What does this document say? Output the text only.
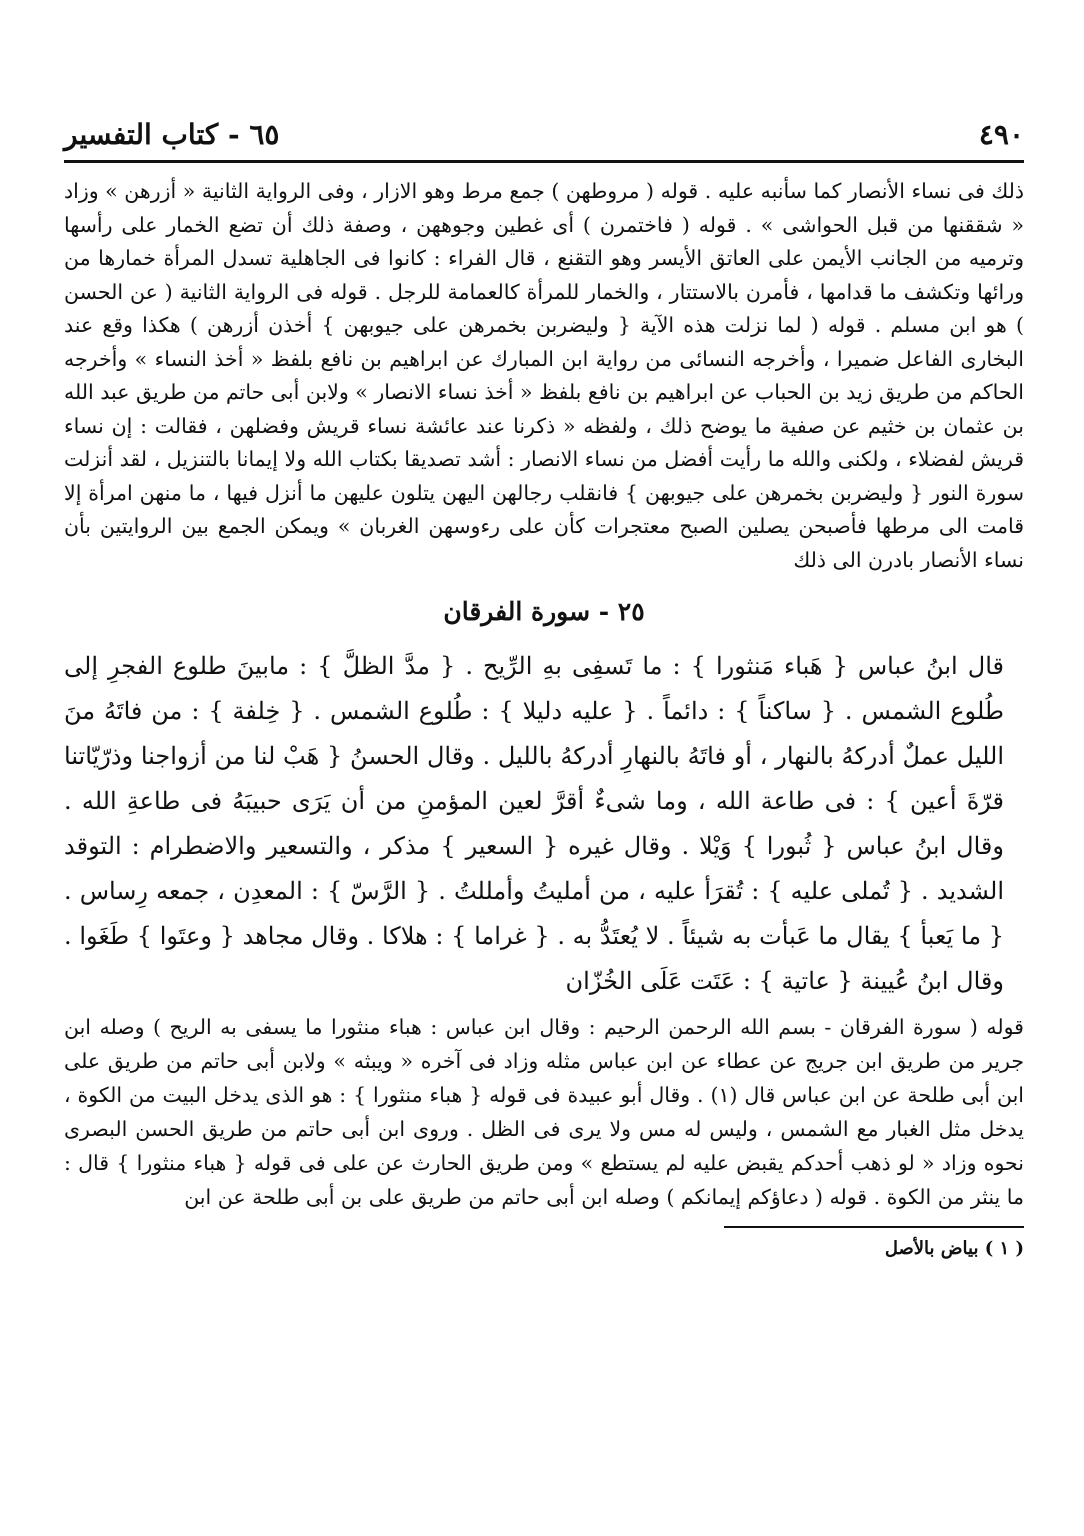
٦٥ - كتاب التفسير	٤٩٠

ذلك فى نساء الأنصار كما سأنبه عليه . قوله ( مروطهن ) جمع مرط وهو الازار ، وفى الرواية الثانية « أزرهن » وزاد « شققنها من قبل الحواشى » . قوله ( فاختمرن ) أى غطين وجوههن ، وصفة ذلك أن تضع الخمار على رأسها وترميه من الجانب الأيمن على العاتق الأيسر وهو التقنع ، قال الفراء : كانوا فى الجاهلية تسدل المرأة خمارها من ورائها وتكشف ما قدامها ، فأمرن بالاستتار ، والخمار للمرأة كالعمامة للرجل . قوله فى الرواية الثانية ( عن الحسن ) هو ابن مسلم . قوله ( لما نزلت هذه الآية { وليضربن بخمرهن على جيوبهن } أخذن أزرهن ) هكذا وقع عند البخارى الفاعل ضميرا ، وأخرجه النسائى من رواية ابن المبارك عن ابراهيم بن نافع بلفظ « أخذ النساء » وأخرجه الحاكم من طريق زيد بن الحباب عن ابراهيم بن نافع بلفظ « أخذ نساء الانصار » ولابن أبى حاتم من طريق عبد الله بن عثمان بن خثيم عن صفية ما يوضح ذلك ، ولفظه « ذكرنا عند عائشة نساء قريش وفضلهن ، فقالت : إن نساء قريش لفضلاء ، ولكنى والله ما رأيت أفضل من نساء الانصار : أشد تصديقا بكتاب الله ولا إيمانا بالتنزيل ، لقد أنزلت سورة النور { وليضربن بخمرهن على جيوبهن } فانقلب رجالهن اليهن يتلون عليهن ما أنزل فيها ، ما منهن امرأة إلا قامت الى مرطها فأصبحن يصلين الصبح معتجرات كأن على رءوسهن الغربان » ويمكن الجمع بين الروايتين بأن نساء الأنصار بادرن الى ذلك

٢٥ - سورة الفرقان

قال ابنُ عباس { هَباء مَنثورا } : ما تَسفِى بهِ الرِّيح . { مدَّ الظلَّ } : مابينَ طلوع الفجرِ إلى طُلوع الشمس . { ساكناً } : دائماً . { عليه دليلا } : طُلوع الشمس . { خِلفة } : من فاتَهُ منَ الليل عملٌ أدركهُ بالنهار ، أو فاتَهُ بالنهارِ أدركهُ بالليل . وقال الحسنُ { هَبْ لنا من أزواجنا وذرّيّاتنا قرّةَ أعين } : فى طاعة الله ، وما شىءٌ أقرَّ لعين المؤمنِ من أن يَرَى حبيبَهُ فى طاعةِ الله . وقال ابنُ عباس { ثُبورا } وَيْلا . وقال غيره { السعير } مذكر ، والتسعير والاضطرام : التوقد الشديد . { تُملى عليه } : تُقرَأ عليه ، من أمليتُ وأمللتُ . { الرَّسّ } : المعدِن ، جمعه رِساس . { ما يَعبأ } يقال ما عَبأت به شيئاً . لا يُعتَدُّ به . { غراما } : هلاكا . وقال مجاهد { وعتَوا } طَغَوا . وقال ابنُ عُيينة { عاتية } : عَتَت عَلَى الخُزّان

قوله ( سورة الفرقان - بسم الله الرحمن الرحيم : وقال ابن عباس : هباء منثورا ما يسفى به الريح ) وصله ابن جرير من طريق ابن جريج عن عطاء عن ابن عباس مثله وزاد فى آخره « ويبثه » ولابن أبى حاتم من طريق على ابن أبى طلحة عن ابن عباس قال (١) . وقال أبو عبيدة فى قوله { هباء منثورا } : هو الذى يدخل البيت من الكوة ، يدخل مثل الغبار مع الشمس ، وليس له مس ولا يرى فى الظل . وروى ابن أبى حاتم من طريق الحسن البصرى نحوه وزاد « لو ذهب أحدكم يقبض عليه لم يستطع » ومن طريق الحارث عن على فى قوله { هباء منثورا } قال : ما ينثر من الكوة . قوله ( دعاؤكم إيمانكم ) وصله ابن أبى حاتم من طريق على بن أبى طلحة عن ابن

( ١ ) بياض بالأصل
